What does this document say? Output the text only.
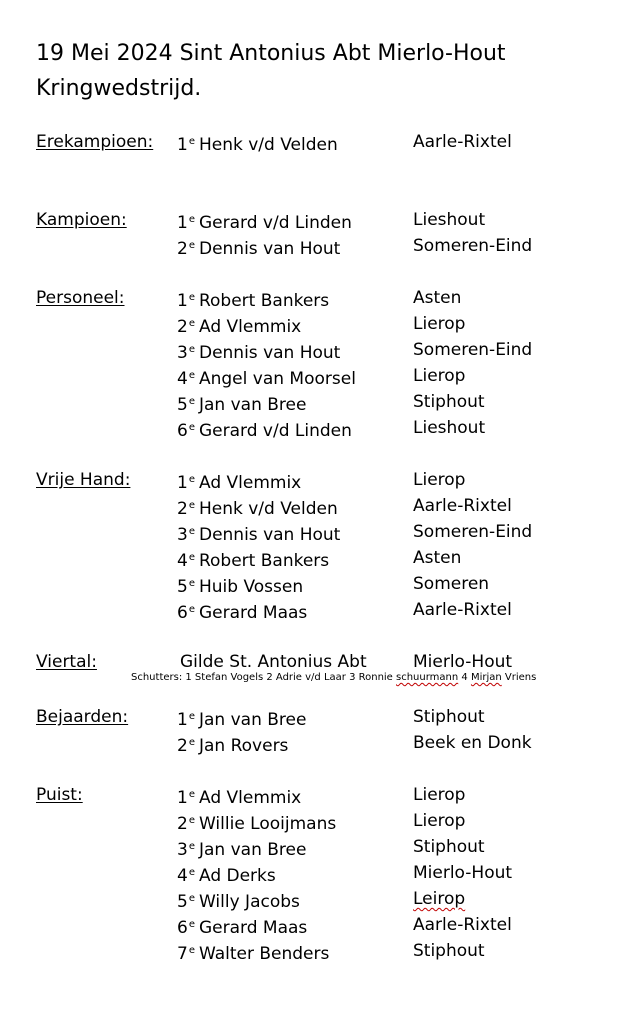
19 Mei 2024 Sint Antonius Abt Mierlo-Hout
Kringwedstrijd.
Erekampioen: 1e Henk v/d Velden	Aarle-Rixtel
Kampioen:	1e Gerard v/d Linden	Lieshout
2e Dennis van Hout	Someren-Eind
Personeel:	1e Robert Bankers	Asten
2e Ad Vlemmix	Lierop
3e Dennis van Hout	Someren-Eind
4e Angel van Moorsel	Lierop
5e Jan van Bree	Stiphout
6e Gerard v/d Linden	Lieshout
Vrije Hand:	1e Ad Vlemmix	Lierop
2e Henk v/d Velden	Aarle-Rixtel
3e Dennis van Hout	Someren-Eind
4e Robert Bankers	Asten
5e Huib Vossen	Someren
6e Gerard Maas	Aarle-Rixtel
Viertal:	Gilde St. Antonius Abt	Mierlo-Hout
Schutters: 1 Stefan Vogels 2 Adrie v/d Laar 3 Ronnie schuurmann 4 Mirjan Vriens
Bejaarden:	1e Jan van Bree	Stiphout
2e Jan Rovers	Beek en Donk
Puist:	1e Ad Vlemmix	Lierop
2e Willie Looijmans	Lierop
3e Jan van Bree	Stiphout
4e Ad Derks	Mierlo-Hout
5e Willy Jacobs	Leirop
6e Gerard Maas	Aarle-Rixtel
7e Walter Benders	Stiphout
